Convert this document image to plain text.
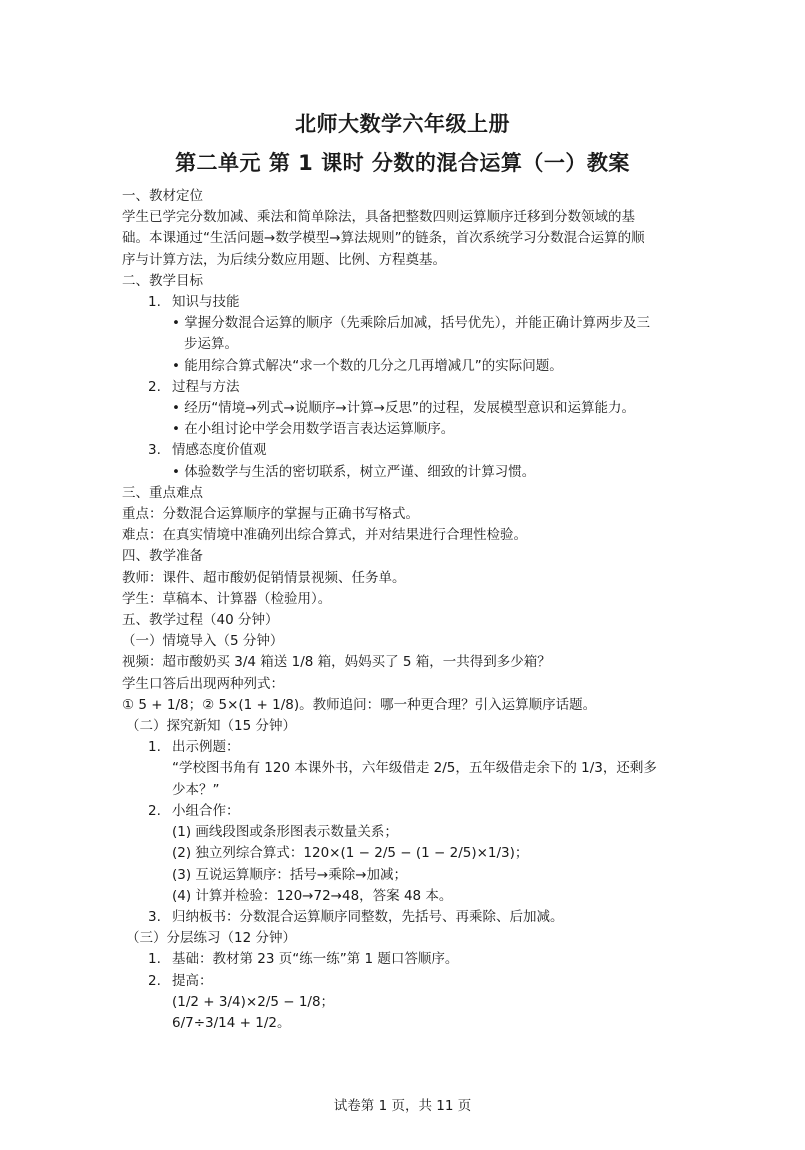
北师大数学六年级上册
第二单元 第 1 课时 分数的混合运算（一）教案
一、教材定位
学生已学完分数加减、乘法和简单除法，具备把整数四则运算顺序迁移到分数领域的基
础。本课通过“生活问题→数学模型→算法规则”的链条，首次系统学习分数混合运算的顺
序与计算方法，为后续分数应用题、比例、方程奠基。
二、教学目标
1. 知识与技能
• 掌握分数混合运算的顺序（先乘除后加减，括号优先），并能正确计算两步及三
步运算。
• 能用综合算式解决“求一个数的几分之几再增减几”的实际问题。
2. 过程与方法
• 经历“情境→列式→说顺序→计算→反思”的过程，发展模型意识和运算能力。
• 在小组讨论中学会用数学语言表达运算顺序。
3. 情感态度价值观
• 体验数学与生活的密切联系，树立严谨、细致的计算习惯。
三、重点难点
重点：分数混合运算顺序的掌握与正确书写格式。
难点：在真实情境中准确列出综合算式，并对结果进行合理性检验。
四、教学准备
教师：课件、超市酸奶促销情景视频、任务单。
学生：草稿本、计算器（检验用）。
五、教学过程（40 分钟）
（一）情境导入（5 分钟）
视频：超市酸奶买 3/4 箱送 1/8 箱，妈妈买了 5 箱，一共得到多少箱？
学生口答后出现两种列式：
① 5 + 1/8；② 5×(1 + 1/8)。教师追问：哪一种更合理？引入运算顺序话题。
（二）探究新知（15 分钟）
1. 出示例题：
“学校图书角有 120 本课外书，六年级借走 2/5，五年级借走余下的 1/3，还剩多
少本？”
2. 小组合作：
(1) 画线段图或条形图表示数量关系；
(2) 独立列综合算式：120×(1 − 2/5 − (1 − 2/5)×1/3)；
(3) 互说运算顺序：括号→乘除→加减；
(4) 计算并检验：120→72→48，答案 48 本。
3. 归纳板书：分数混合运算顺序同整数，先括号、再乘除、后加减。
（三）分层练习（12 分钟）
1. 基础：教材第 23 页“练一练”第 1 题口答顺序。
2. 提高：
(1/2 + 3/4)×2/5 − 1/8；
6/7÷3/14 + 1/2。
试卷第 1 页，共 11 页
